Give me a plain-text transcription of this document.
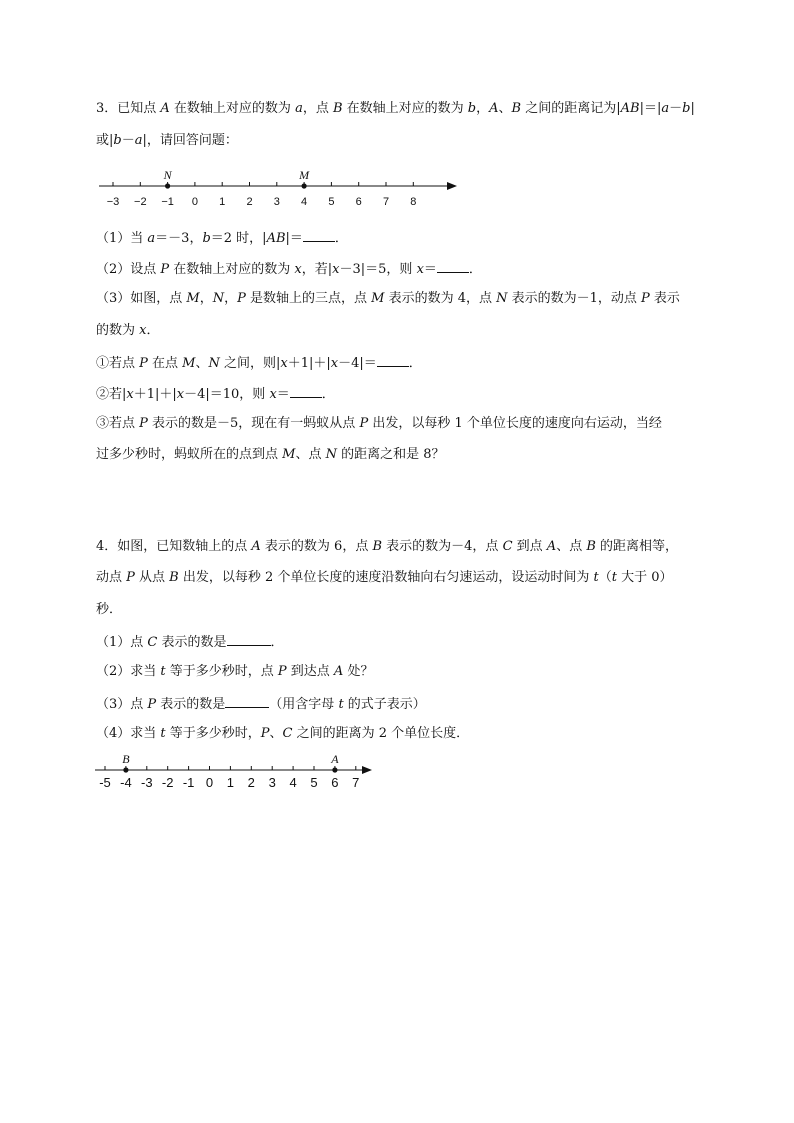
3．已知点 A 在数轴上对应的数为 a，点 B 在数轴上对应的数为 b，A、B 之间的距离记为|AB|＝|a－b|
或|b－a|，请回答问题：
−3 −2 −1 0 1 2 3 4 5 6 7 8
N	M
（1）当 a＝－3，b＝2 时，|AB|＝ ．
（2）设点 P 在数轴上对应的数为 x，若|x－3|＝5，则 x＝ ．
（3）如图，点 M，N，P 是数轴上的三点，点 M 表示的数为 4，点 N 表示的数为－1，动点 P 表示
的数为 x．
①若点 P 在点 M、N 之间，则|x＋1|＋|x－4|＝ ．
②若|x＋1|＋|x－4|＝10，则 x＝ ．
③若点 P 表示的数是－5，现在有一蚂蚁从点 P 出发，以每秒 1 个单位长度的速度向右运动，当经
过多少秒时，蚂蚁所在的点到点 M、点 N 的距离之和是 8？
4．如图，已知数轴上的点 A 表示的数为 6，点 B 表示的数为－4，点 C 到点 A、点 B 的距离相等，
动点 P 从点 B 出发，以每秒 2 个单位长度的速度沿数轴向右匀速运动，设运动时间为 t（t 大于 0）
秒．
（1）点 C 表示的数是	．
（2）求当 t 等于多少秒时，点 P 到达点 A 处？
（3）点 P 表示的数是	（用含字母 t 的式子表示）
（4）求当 t 等于多少秒时，P、C 之间的距离为 2 个单位长度．
-5 -4 -3 -2 -1 0 1 2 3 4 5 6 7
B	A
